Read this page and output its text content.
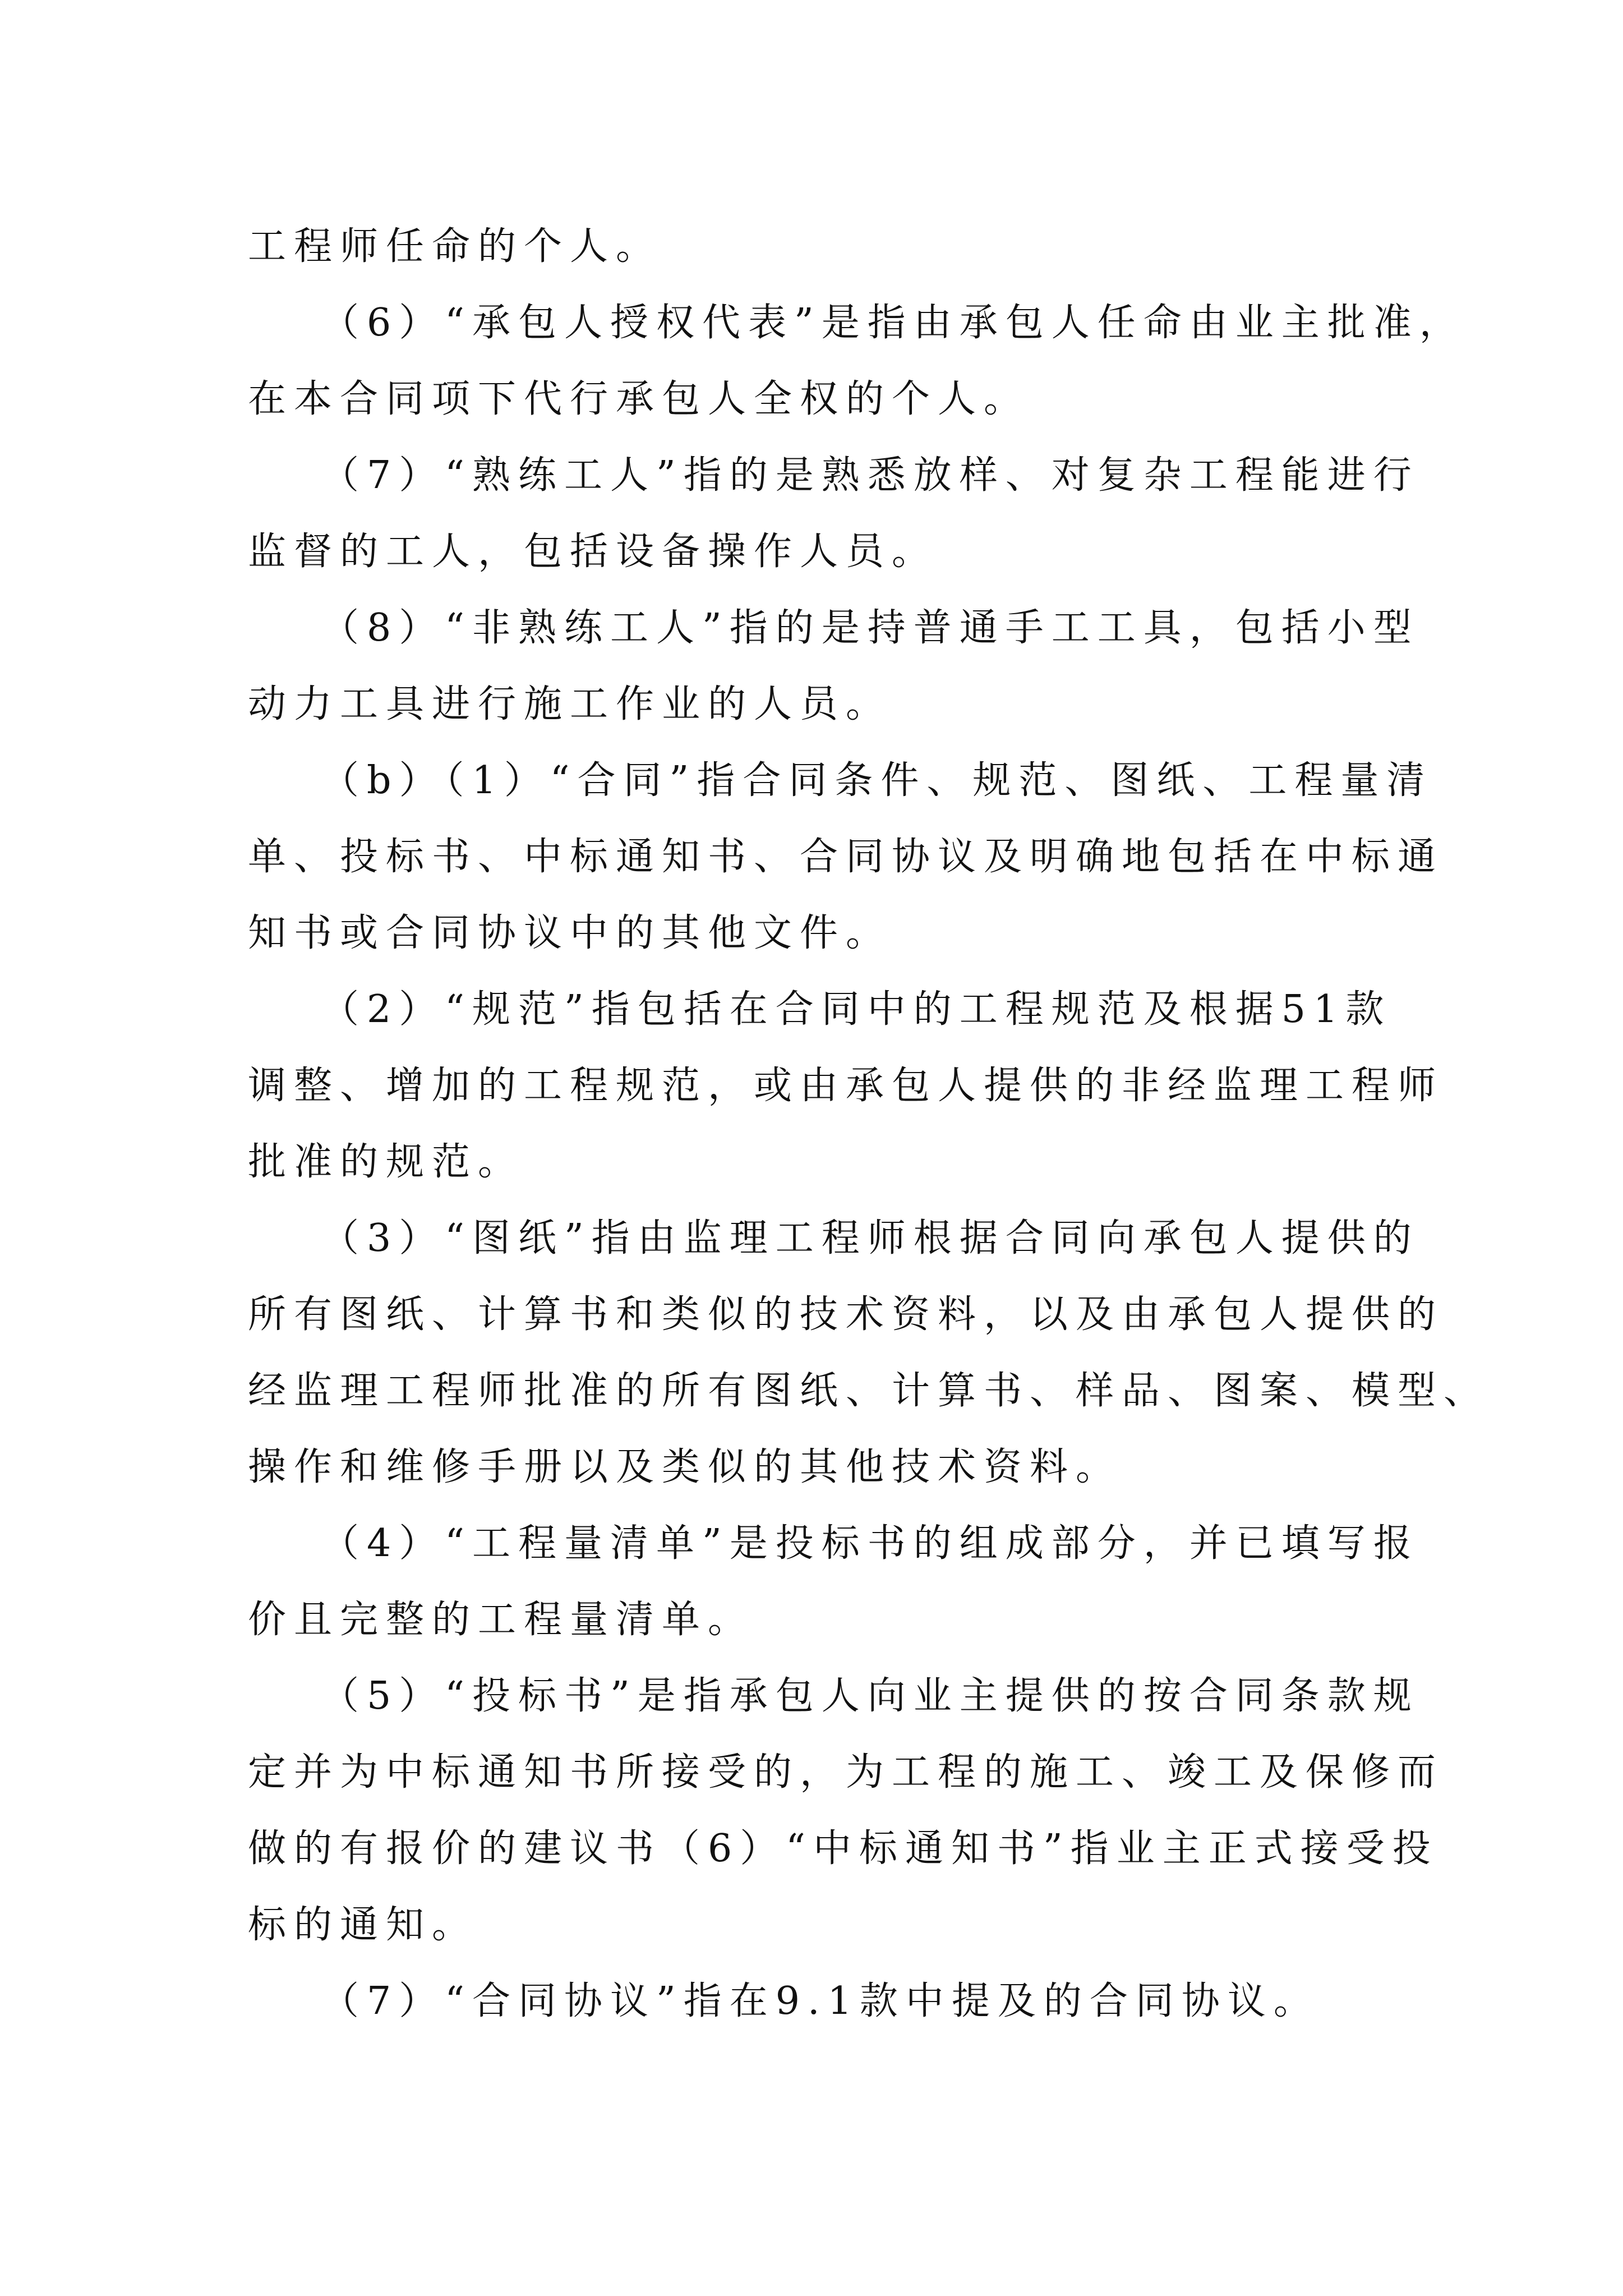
工程师任命的个人。

　　（6）“承包人授权代表”是指由承包人任命由业主批准，
在本合同项下代行承包人全权的个人。

　　（7）“熟练工人”指的是熟悉放样、对复杂工程能进行
监督的工人，包括设备操作人员。

　　（8）“非熟练工人”指的是持普通手工工具，包括小型
动力工具进行施工作业的人员。

　　（b）（1）“合同”指合同条件、规范、图纸、工程量清
单、投标书、中标通知书、合同协议及明确地包括在中标通
知书或合同协议中的其他文件。

　　（2）“规范”指包括在合同中的工程规范及根据51款
调整、增加的工程规范，或由承包人提供的非经监理工程师
批准的规范。

　　（3）“图纸”指由监理工程师根据合同向承包人提供的
所有图纸、计算书和类似的技术资料，以及由承包人提供的
经监理工程师批准的所有图纸、计算书、样品、图案、模型、
操作和维修手册以及类似的其他技术资料。

　　（4）“工程量清单”是投标书的组成部分，并已填写报
价且完整的工程量清单。

　　（5）“投标书”是指承包人向业主提供的按合同条款规
定并为中标通知书所接受的，为工程的施工、竣工及保修而
做的有报价的建议书（6）“中标通知书”指业主正式接受投
标的通知。

　　（7）“合同协议”指在9.1款中提及的合同协议。
